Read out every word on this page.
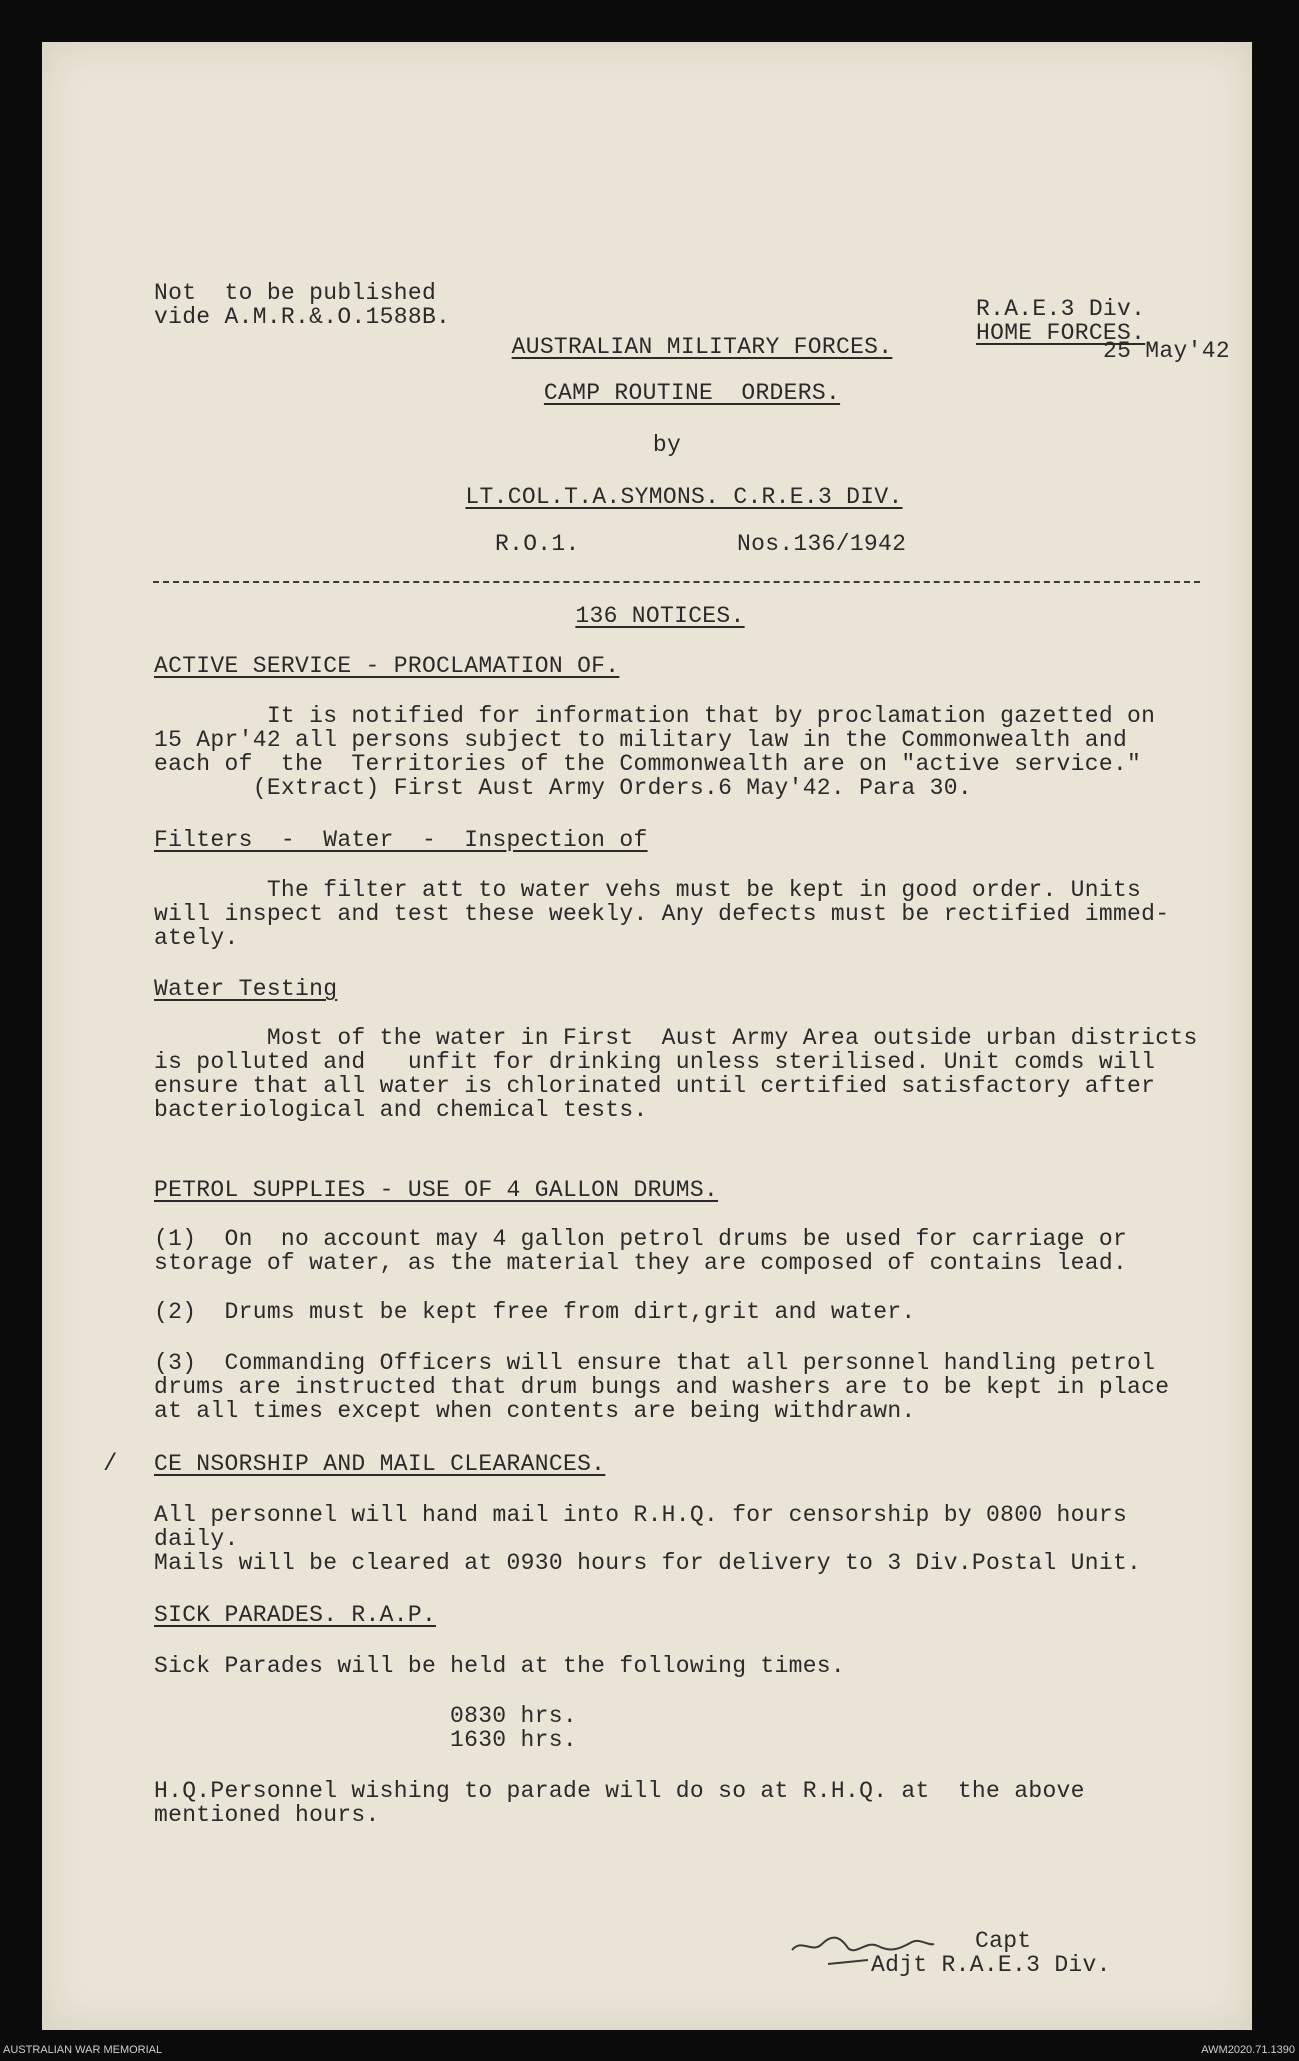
Not  to be published
vide A.M.R.&.O.1588B.	R.A.E.3 Div.
HOME FORCES.
25 May'42
AUSTRALIAN MILITARY FORCES.
CAMP ROUTINE  ORDERS.
by
LT.COL.T.A.SYMONS. C.R.E.3 DIV.
R.O.1.	Nos.136/1942
136 NOTICES.
ACTIVE SERVICE - PROCLAMATION OF.
It is notified for information that by proclamation gazetted on
15 Apr'42 all persons subject to military law in the Commonwealth and
each of  the  Territories of the Commonwealth are on "active service."
(Extract) First Aust Army Orders.6 May'42. Para 30.
Filters  -  Water  -  Inspection of
The filter att to water vehs must be kept in good order. Units
will inspect and test these weekly. Any defects must be rectified immed-
ately.
Water Testing
Most of the water in First  Aust Army Area outside urban districts
is polluted and   unfit for drinking unless sterilised. Unit comds will
ensure that all water is chlorinated until certified satisfactory after
bacteriological and chemical tests.
PETROL SUPPLIES - USE OF 4 GALLON DRUMS.
(1)  On  no account may 4 gallon petrol drums be used for carriage or
storage of water, as the material they are composed of contains lead.
(2)  Drums must be kept free from dirt,grit and water.
(3)  Commanding Officers will ensure that all personnel handling petrol
drums are instructed that drum bungs and washers are to be kept in place
at all times except when contents are being withdrawn.
/ CE NSORSHIP AND MAIL CLEARANCES.
All personnel will hand mail into R.H.Q. for censorship by 0800 hours
daily.
Mails will be cleared at 0930 hours for delivery to 3 Div.Postal Unit.
SICK PARADES. R.A.P.
Sick Parades will be held at the following times.
0830 hrs.
1630 hrs.
H.Q.Personnel wishing to parade will do so at R.H.Q. at  the above
mentioned hours.
Capt
Adjt R.A.E.3 Div.
AUSTRALIAN WAR MEMORIAL	AWM2020.71.1390
